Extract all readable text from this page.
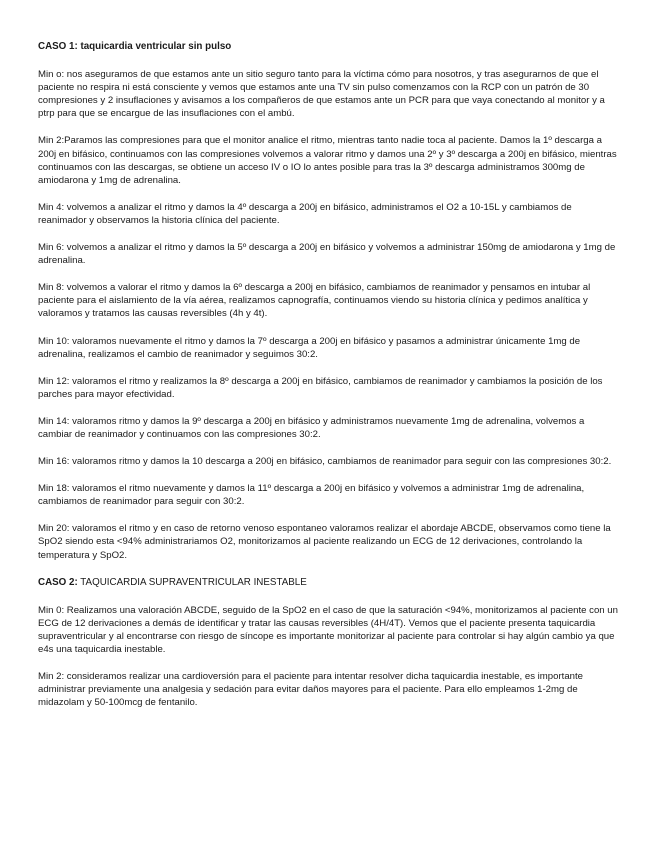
CASO 1: taquicardia ventricular sin pulso

Min o: nos aseguramos de que estamos ante un sitio seguro tanto para la víctima cómo para nosotros, y tras asegurarnos de que el paciente no respira ni está consciente y vemos que estamos ante una TV sin pulso comenzamos con la RCP con un patrón de 30 compresiones y 2 insuflaciones y avisamos a los compañeros de que estamos ante un PCR para que vaya conectando al monitor y a ptrp para que se encargue de las insuflaciones con el ambú.

Min 2:Paramos las compresiones para que el monitor analice el ritmo, mientras tanto nadie toca al paciente. Damos la 1º descarga a 200j en bifásico, continuamos con las compresiones volvemos a valorar ritmo y damos una 2º y 3º descarga a 200j en bifásico, mientras continuamos con las descargas, se obtiene un acceso IV o IO lo antes posible para tras la 3º descarga administramos 300mg de amiodarona y 1mg de adrenalina.

Min 4: volvemos a analizar el ritmo y damos la 4º descarga a 200j en bifásico, administramos el O2 a 10-15L y cambiamos de reanimador y observamos la historia clínica del paciente.

Min 6: volvemos a analizar el ritmo y damos la 5º descarga a 200j en bifásico y volvemos a administrar 150mg de amiodarona y 1mg de adrenalina.

Min 8: volvemos a valorar el ritmo y damos la 6º descarga a 200j en bifásico, cambiamos de reanimador y pensamos en intubar al paciente para el aislamiento de la vía aérea, realizamos capnografía, continuamos viendo su historia clínica y pedimos analítica y valoramos y tratamos las causas reversibles (4h y 4t).

Min 10: valoramos nuevamente el ritmo y damos la 7º descarga a 200j en bifásico y pasamos a administrar únicamente 1mg de adrenalina, realizamos el cambio de reanimador y seguimos 30:2.

Min 12: valoramos el ritmo y realizamos la 8º descarga a 200j en bifásico, cambiamos de reanimador y cambiamos la posición de los parches para mayor efectividad.

Min 14: valoramos ritmo y damos la 9º descarga a 200j en bifásico y administramos nuevamente 1mg de adrenalina, volvemos a cambiar de reanimador y continuamos con las compresiones 30:2.

Min 16: valoramos ritmo y damos la 10 descarga a 200j en bifásico, cambiamos de reanimador para seguir con las compresiones 30:2.

Min 18: valoramos el ritmo nuevamente y damos la 11º descarga a 200j en bifásico y volvemos a administrar 1mg de adrenalina, cambiamos de reanimador para seguir con 30:2.

Min 20: valoramos el ritmo y en caso de retorno venoso espontaneo valoramos realizar el abordaje ABCDE, observamos como tiene la SpO2 siendo esta <94% administrariamos O2, monitorizamos al paciente realizando un ECG de 12 derivaciones, controlando la temperatura y SpO2.

CASO 2: TAQUICARDIA SUPRAVENTRICULAR INESTABLE

Min 0: Realizamos una valoración ABCDE, seguido de la SpO2 en el caso de que la saturación <94%, monitorizamos al paciente con un ECG de 12 derivaciones a demás de identificar y tratar las causas reversibles (4H/4T). Vemos que el paciente presenta taquicardia supraventricular y al encontrarse con riesgo de síncope es importante monitorizar al paciente para controlar si hay algún cambio ya que e4s una taquicardia inestable.

Min 2: consideramos realizar una cardioversión para el paciente para intentar resolver dicha taquicardia inestable, es importante administrar previamente una analgesia y sedación para evitar daños mayores para el paciente. Para ello empleamos 1-2mg de midazolam y 50-100mcg de fentanilo.
